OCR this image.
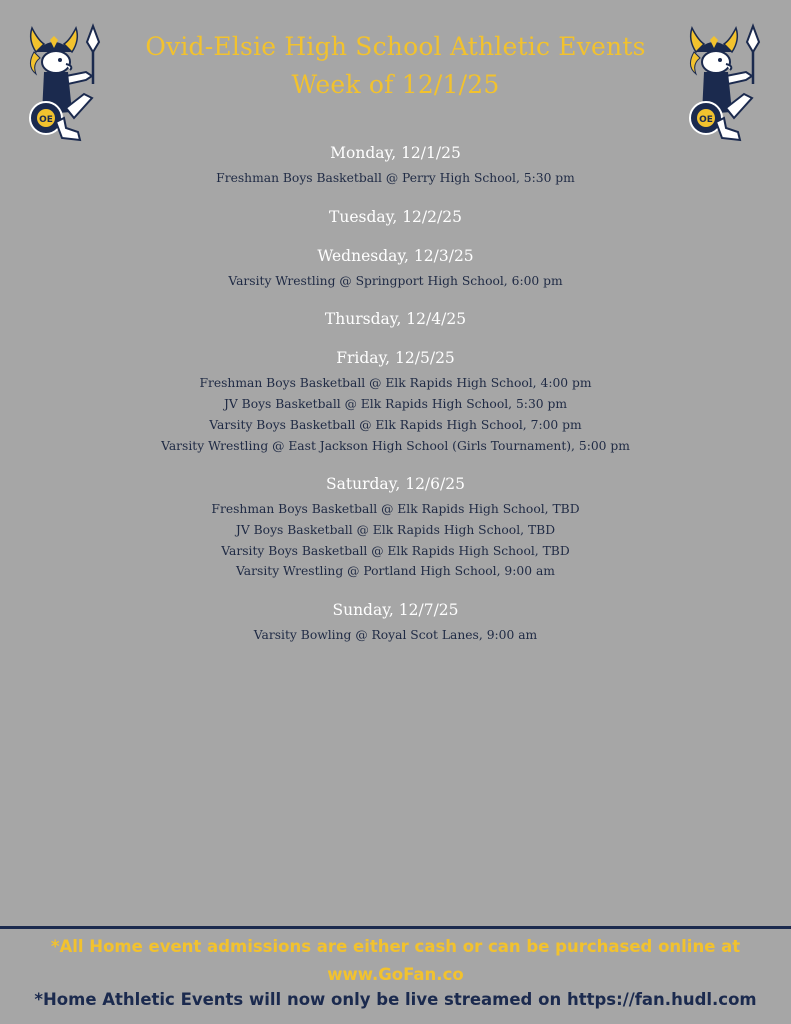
OE	OE

Ovid-Elsie High School Athletic Events

Week of 12/1/25

Monday, 12/1/25

Freshman Boys Basketball @ Perry High School, 5:30 pm

Tuesday, 12/2/25

Wednesday, 12/3/25

Varsity Wrestling @ Springport High School, 6:00 pm

Thursday, 12/4/25

Friday, 12/5/25

Freshman Boys Basketball @ Elk Rapids High School, 4:00 pm

JV Boys Basketball @ Elk Rapids High School, 5:30 pm

Varsity Boys Basketball @ Elk Rapids High School, 7:00 pm

Varsity Wrestling @ East Jackson High School (Girls Tournament), 5:00 pm

Saturday, 12/6/25

Freshman Boys Basketball @ Elk Rapids High School, TBD

JV Boys Basketball @ Elk Rapids High School, TBD

Varsity Boys Basketball @ Elk Rapids High School, TBD

Varsity Wrestling @ Portland High School, 9:00 am

Sunday, 12/7/25

Varsity Bowling @ Royal Scot Lanes, 9:00 am

*All Home event admissions are either cash or can be purchased online at www.GoFan.co

*Home Athletic Events will now only be live streamed on https://fan.hudl.com
